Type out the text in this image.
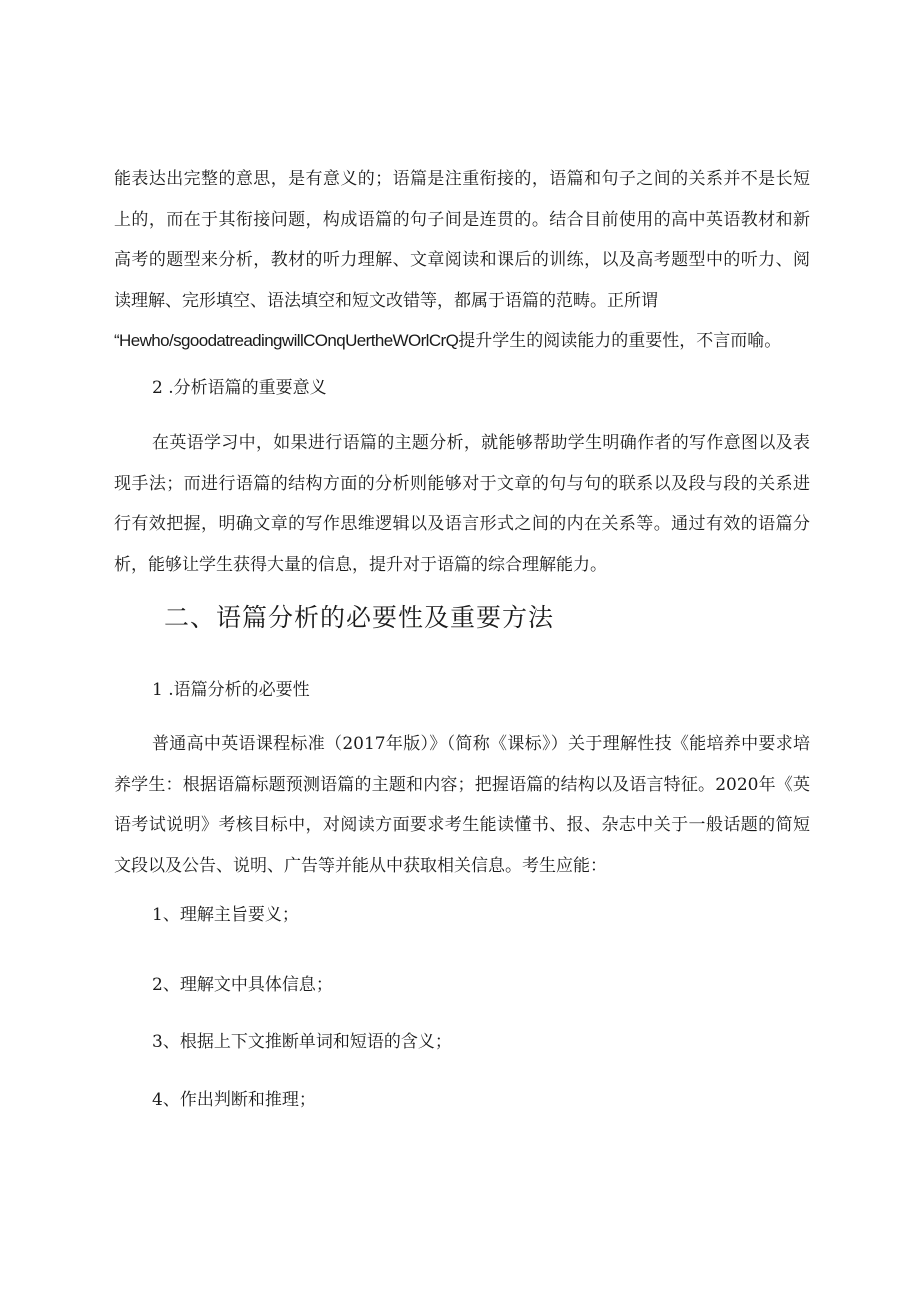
能表达出完整的意思，是有意义的；语篇是注重衔接的，语篇和句子之间的关系并不是长短上的，而在于其衔接问题，构成语篇的句子间是连贯的。结合目前使用的高中英语教材和新高考的题型来分析，教材的听力理解、文章阅读和课后的训练，以及高考题型中的听力、阅读理解、完形填空、语法填空和短文改错等，都属于语篇的范畴。正所谓
“Hewho/sgoodatreadingwillCOnqUertheWOrlCrQ提升学生的阅读能力的重要性，不言而喻。

2 .分析语篇的重要意义

在英语学习中，如果进行语篇的主题分析，就能够帮助学生明确作者的写作意图以及表现手法；而进行语篇的结构方面的分析则能够对于文章的句与句的联系以及段与段的关系进行有效把握，明确文章的写作思维逻辑以及语言形式之间的内在关系等。通过有效的语篇分析，能够让学生获得大量的信息，提升对于语篇的综合理解能力。

二、语篇分析的必要性及重要方法

1 .语篇分析的必要性

普通高中英语课程标准（2017年版）》（简称《课标》）关于理解性技《能培养中要求培养学生：根据语篇标题预测语篇的主题和内容；把握语篇的结构以及语言特征。2020年《英语考试说明》考核目标中，对阅读方面要求考生能读懂书、报、杂志中关于一般话题的简短文段以及公告、说明、广告等并能从中获取相关信息。考生应能：

1、理解主旨要义；

2、理解文中具体信息；

3、根据上下文推断单词和短语的含义；

4、作出判断和推理；
